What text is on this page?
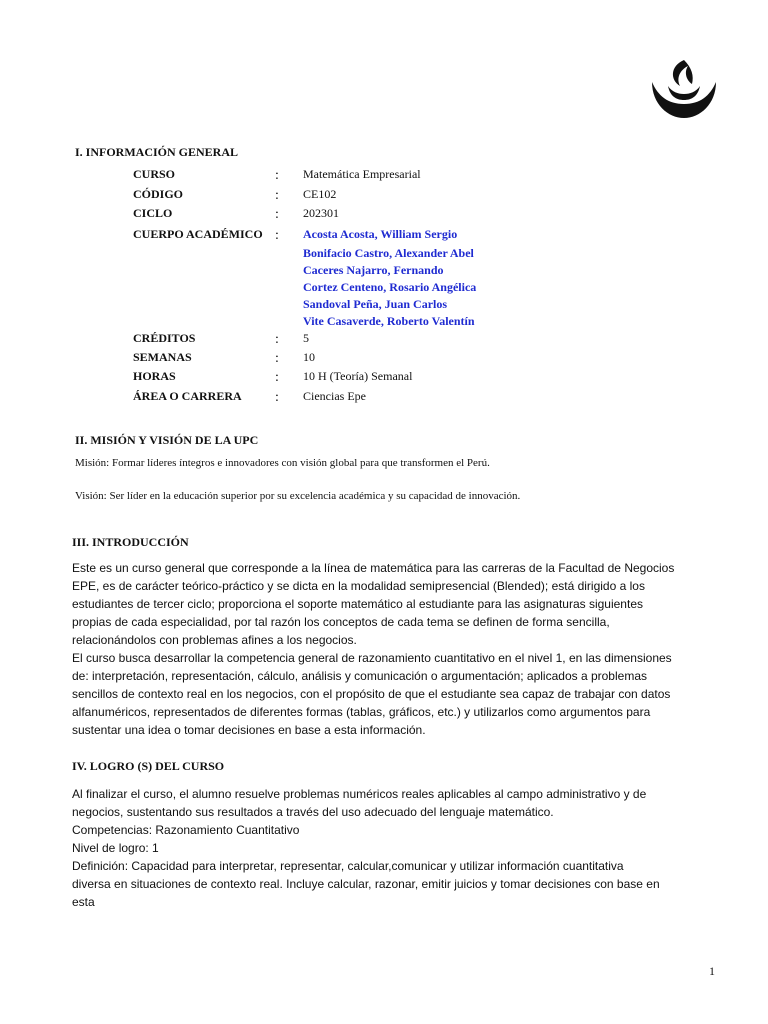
I. INFORMACIÓN GENERAL
CURSO	: Matemática Empresarial
CÓDIGO	: CE102
CICLO	: 202301
CUERPO ACADÉMICO : Acosta Acosta, William Sergio
Bonifacio Castro, Alexander Abel
Caceres Najarro, Fernando
Cortez Centeno, Rosario Angélica
Sandoval Peña, Juan Carlos
Vite Casaverde, Roberto Valentín
CRÉDITOS	: 5
SEMANAS	: 10
HORAS	: 10 H (Teoría) Semanal
ÁREA O CARRERA : Ciencias Epe
II. MISIÓN Y VISIÓN DE LA UPC
Misión: Formar líderes íntegros e innovadores con visión global para que transformen el Perú.
Visión: Ser líder en la educación superior por su excelencia académica y su capacidad de innovación.
III. INTRODUCCIÓN
Este es un curso general que corresponde a la línea de matemática para las carreras de la Facultad de Negocios
EPE, es de carácter teórico-práctico y se dicta en la modalidad semipresencial (Blended); está dirigido a los
estudiantes de tercer ciclo; proporciona el soporte matemático al estudiante para las asignaturas siguientes
propias de cada especialidad, por tal razón los conceptos de cada tema se definen de forma sencilla,
relacionándolos con problemas afines a los negocios.
El curso busca desarrollar la competencia general de razonamiento cuantitativo en el nivel 1, en las dimensiones
de: interpretación, representación, cálculo, análisis y comunicación o argumentación; aplicados a problemas
sencillos de contexto real en los negocios, con el propósito de que el estudiante sea capaz de trabajar con datos
alfanuméricos, representados de diferentes formas (tablas, gráficos, etc.) y utilizarlos como argumentos para
sustentar una idea o tomar decisiones en base a esta información.
IV. LOGRO (S) DEL CURSO
Al finalizar el curso, el alumno resuelve problemas numéricos reales aplicables al campo administrativo y de
negocios, sustentando sus resultados a través del uso adecuado del lenguaje matemático.
Competencias: Razonamiento Cuantitativo
Nivel de logro: 1
Definición: Capacidad para interpretar, representar, calcular,comunicar y utilizar información cuantitativa
diversa en situaciones de contexto real. Incluye calcular, razonar, emitir juicios y tomar decisiones con base en
esta
1
